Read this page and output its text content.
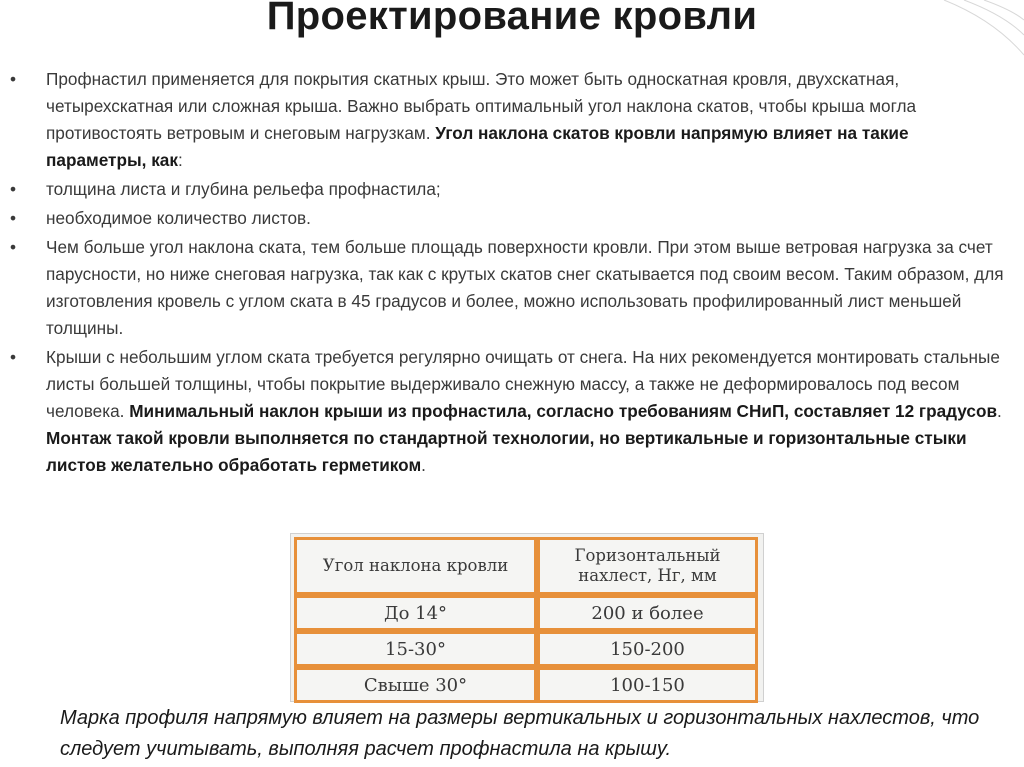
Проектирование кровли
• Профнастил применяется для покрытия скатных крыш. Это может быть односкатная кровля, двухскатная, четырехскатная или сложная крыша. Важно выбрать оптимальный угол наклона скатов, чтобы крыша могла противостоять ветровым и снеговым нагрузкам. Угол наклона скатов кровли напрямую влияет на такие параметры, как:
• толщина листа и глубина рельефа профнастила;
• необходимое количество листов.
• Чем больше угол наклона ската, тем больше площадь поверхности кровли. При этом выше ветровая нагрузка за счет парусности, но ниже снеговая нагрузка, так как с крутых скатов снег скатывается под своим весом. Таким образом, для изготовления кровель с углом ската в 45 градусов и более, можно использовать профилированный лист меньшей толщины.
• Крыши с небольшим углом ската требуется регулярно очищать от снега. На них рекомендуется монтировать стальные листы большей толщины, чтобы покрытие выдерживало снежную массу, а также не деформировалось под весом человека. Минимальный наклон крыши из профнастила, согласно требованиям СНиП, составляет 12 градусов. Монтаж такой кровли выполняется по стандартной технологии, но вертикальные и горизонтальные стыки листов желательно обработать герметиком.
Угол наклона кровли	Горизонтальный нахлест, Нг, мм
До 14°	200 и более
15-30°	150-200
Свыше 30°	100-150
Марка профиля напрямую влияет на размеры вертикальных и горизонтальных нахлестов, что следует учитывать, выполняя расчет профнастила на крышу.
